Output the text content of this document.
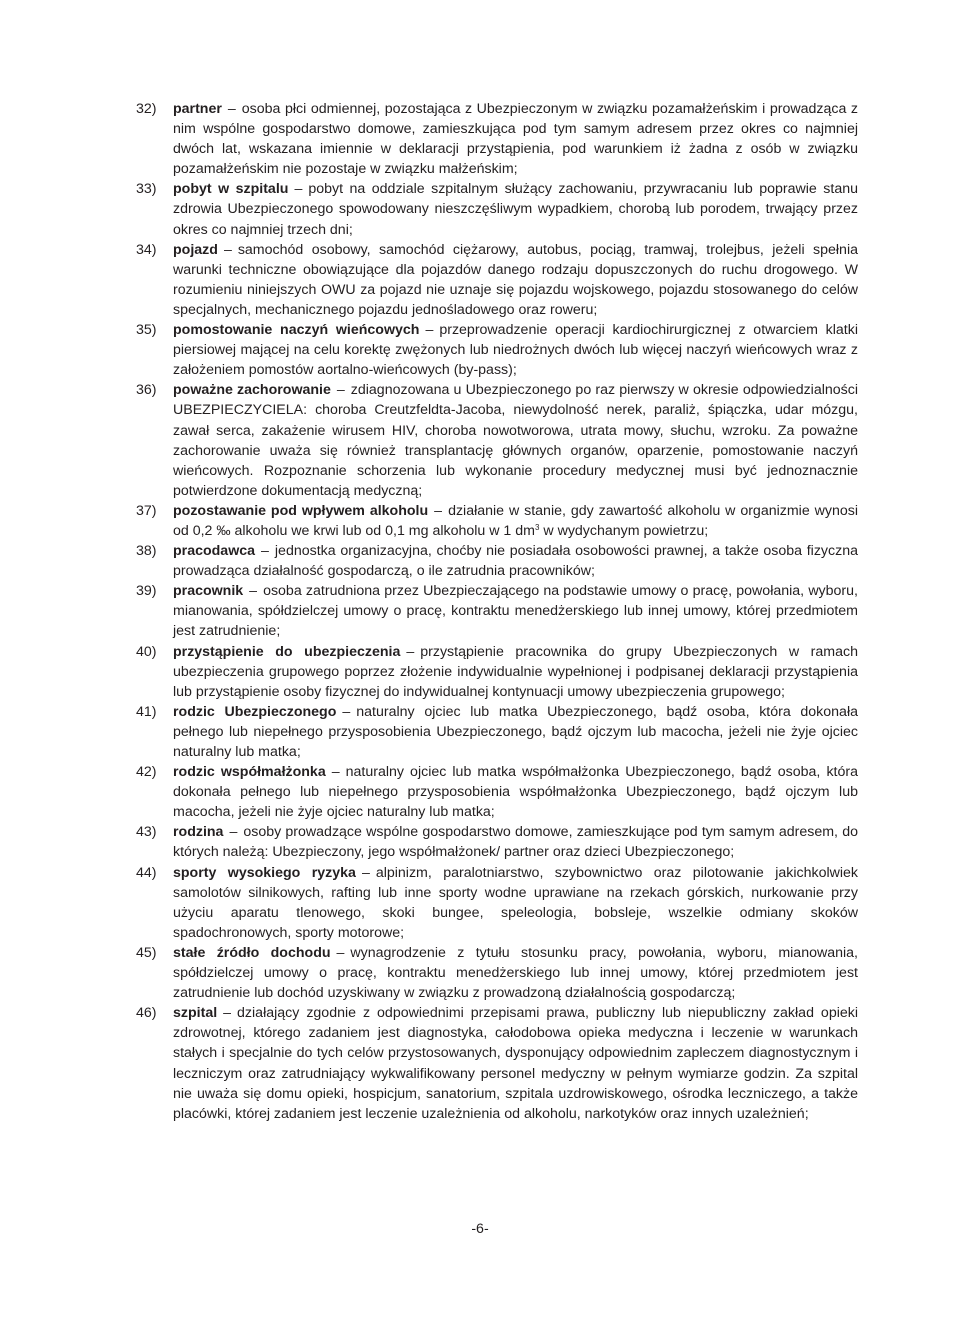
32)	partner – osoba płci odmiennej, pozostająca z Ubezpieczonym w związku pozamałżeńskim i prowadząca z nim wspólne gospodarstwo domowe, zamieszkująca pod tym samym adresem przez okres co najmniej dwóch lat, wskazana imiennie w deklaracji przystąpienia, pod warunkiem iż żadna z osób w związku pozamałżeńskim nie pozostaje w związku małżeńskim;
33)	pobyt w szpitalu – pobyt na oddziale szpitalnym służący zachowaniu, przywracaniu lub poprawie stanu zdrowia Ubezpieczonego spowodowany nieszczęśliwym wypadkiem, chorobą lub porodem, trwający przez okres co najmniej trzech dni;
34)	pojazd – samochód osobowy, samochód ciężarowy, autobus, pociąg, tramwaj, trolejbus, jeżeli spełnia warunki techniczne obowiązujące dla pojazdów danego rodzaju dopuszczonych do ruchu drogowego. W rozumieniu niniejszych OWU za pojazd nie uznaje się pojazdu wojskowego, pojazdu stosowanego do celów specjalnych, mechanicznego pojazdu jednośladowego oraz roweru;
35)	pomostowanie naczyń wieńcowych – przeprowadzenie operacji kardiochirurgicznej z otwarciem klatki piersiowej mającej na celu korektę zwężonych lub niedrożnych dwóch lub więcej naczyń wieńcowych wraz z założeniem pomostów aortalno-wieńcowych (by-pass);
36)	poważne zachorowanie – zdiagnozowana u Ubezpieczonego po raz pierwszy w okresie odpowiedzialności UBEZPIECZYCIELA: choroba Creutzfeldta-Jacoba, niewydolność nerek, paraliż, śpiączka, udar mózgu, zawał serca, zakażenie wirusem HIV, choroba nowotworowa, utrata mowy, słuchu, wzroku. Za poważne zachorowanie uważa się również transplantację głównych organów, oparzenie, pomostowanie naczyń wieńcowych. Rozpoznanie schorzenia lub wykonanie procedury medycznej musi być jednoznacznie potwierdzone dokumentacją medyczną;
37)	pozostawanie pod wpływem alkoholu – działanie w stanie, gdy zawartość alkoholu w organizmie wynosi od 0,2 ‰ alkoholu we krwi lub od 0,1 mg alkoholu w 1 $dm^3$ w wydychanym powietrzu;
38)	pracodawca – jednostka organizacyjna, choćby nie posiadała osobowości prawnej, a także osoba fizyczna prowadząca działalność gospodarczą, o ile zatrudnia pracowników;
39)	pracownik – osoba zatrudniona przez Ubezpieczającego na podstawie umowy o pracę, powołania, wyboru, mianowania, spółdzielczej umowy o pracę, kontraktu menedżerskiego lub innej umowy, której przedmiotem jest zatrudnienie;
40)	przystąpienie do ubezpieczenia – przystąpienie pracownika do grupy Ubezpieczonych w ramach ubezpieczenia grupowego poprzez złożenie indywidualnie wypełnionej i podpisanej deklaracji przystąpienia lub przystąpienie osoby fizycznej do indywidualnej kontynuacji umowy ubezpieczenia grupowego;
41)	rodzic Ubezpieczonego – naturalny ojciec lub matka Ubezpieczonego, bądź osoba, która dokonała pełnego lub niepełnego przysposobienia Ubezpieczonego, bądź ojczym lub macocha, jeżeli nie żyje ojciec naturalny lub matka;
42)	rodzic współmałżonka – naturalny ojciec lub matka współmałżonka Ubezpieczonego, bądź osoba, która dokonała pełnego lub niepełnego przysposobienia współmałżonka Ubezpieczonego, bądź ojczym lub macocha, jeżeli nie żyje ojciec naturalny lub matka;
43)	rodzina – osoby prowadzące wspólne gospodarstwo domowe, zamieszkujące pod tym samym adresem, do których należą: Ubezpieczony, jego współmałżonek/ partner oraz dzieci Ubezpieczonego;
44)	sporty wysokiego ryzyka – alpinizm, paralotniarstwo, szybownictwo oraz pilotowanie jakichkolwiek samolotów silnikowych, rafting lub inne sporty wodne uprawiane na rzekach górskich, nurkowanie przy użyciu aparatu tlenowego, skoki bungee, speleologia, bobsleje, wszelkie odmiany skoków spadochronowych, sporty motorowe;
45)	stałe źródło dochodu – wynagrodzenie z tytułu stosunku pracy, powołania, wyboru, mianowania, spółdzielczej umowy o pracę, kontraktu menedżerskiego lub innej umowy, której przedmiotem jest zatrudnienie lub dochód uzyskiwany w związku z prowadzoną działalnością gospodarczą;
46)	szpital – działający zgodnie z odpowiednimi przepisami prawa, publiczny lub niepubliczny zakład opieki zdrowotnej, którego zadaniem jest diagnostyka, całodobowa opieka medyczna i leczenie w warunkach stałych i specjalnie do tych celów przystosowanych, dysponujący odpowiednim zapleczem diagnostycznym i leczniczym oraz zatrudniający wykwalifikowany personel medyczny w pełnym wymiarze godzin. Za szpital nie uważa się domu opieki, hospicjum, sanatorium, szpitala uzdrowiskowego, ośrodka leczniczego, a także placówki, której zadaniem jest leczenie uzależnienia od alkoholu, narkotyków oraz innych uzależnień;
-6-
